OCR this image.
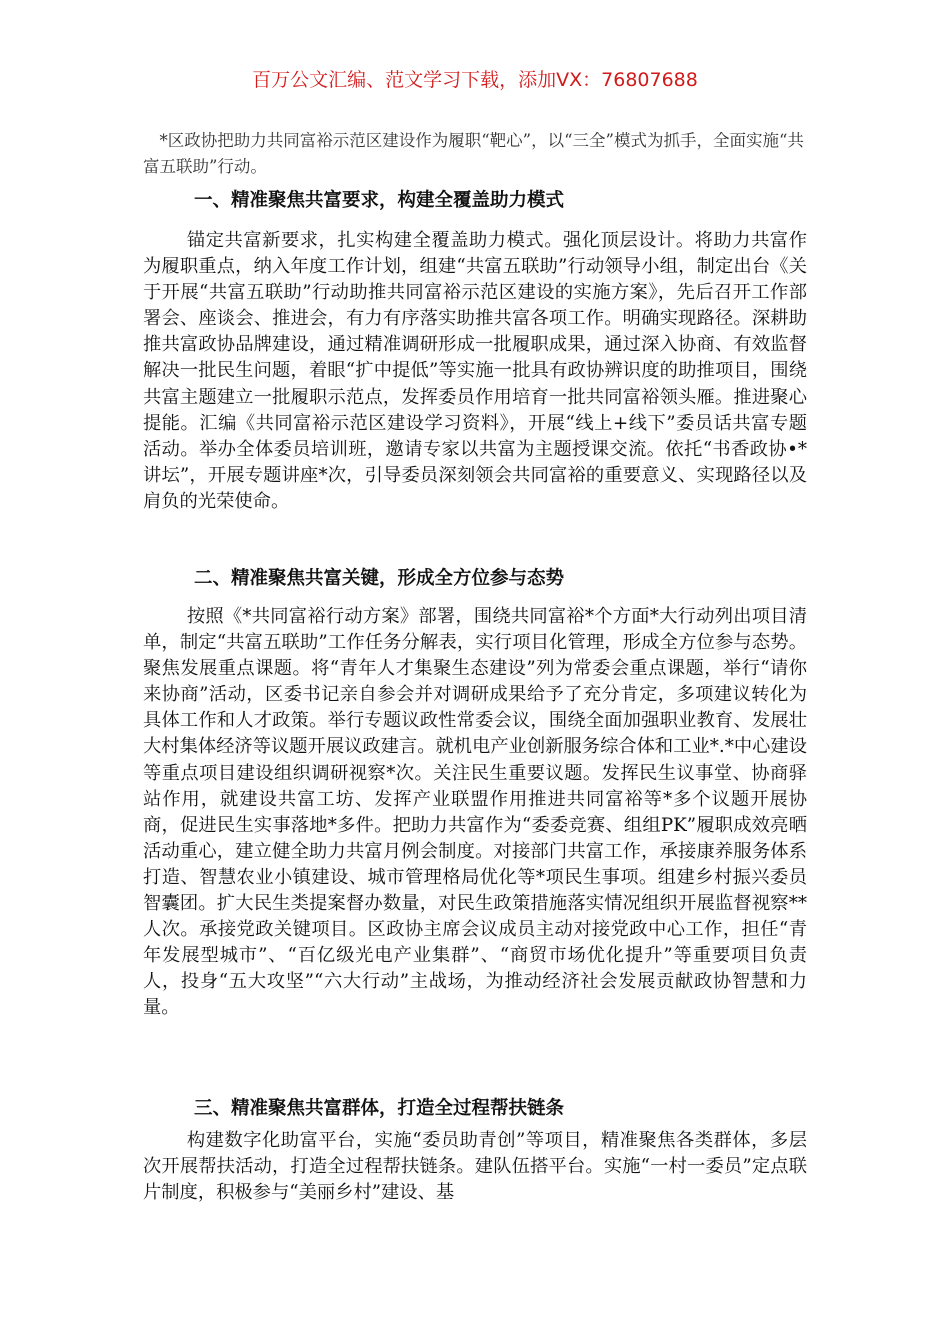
百万公文汇编、范文学习下载，添加VX：76807688
*区政协把助力共同富裕示范区建设作为履职“靶心”，以“三全”模式为抓手，全面实施“共富五联助”行动。
一、精准聚焦共富要求，构建全覆盖助力模式
锚定共富新要求，扎实构建全覆盖助力模式。强化顶层设计。将助力共富作为履职重点，纳入年度工作计划，组建“共富五联助”行动领导小组，制定出台《关于开展“共富五联助”行动助推共同富裕示范区建设的实施方案》，先后召开工作部署会、座谈会、推进会，有力有序落实助推共富各项工作。明确实现路径。深耕助推共富政协品牌建设，通过精准调研形成一批履职成果，通过深入协商、有效监督解决一批民生问题，着眼“扩中提低”等实施一批具有政协辨识度的助推项目，围绕共富主题建立一批履职示范点，发挥委员作用培育一批共同富裕领头雁。推进聚心提能。汇编《共同富裕示范区建设学习资料》，开展“线上+线下”委员话共富专题活动。举办全体委员培训班，邀请专家以共富为主题授课交流。依托“书香政协•*讲坛”，开展专题讲座*次，引导委员深刻领会共同富裕的重要意义、实现路径以及肩负的光荣使命。
二、精准聚焦共富关键，形成全方位参与态势
按照《*共同富裕行动方案》部署，围绕共同富裕*个方面*大行动列出项目清单，制定“共富五联助”工作任务分解表，实行项目化管理，形成全方位参与态势。聚焦发展重点课题。将“青年人才集聚生态建设”列为常委会重点课题，举行“请你来协商”活动，区委书记亲自参会并对调研成果给予了充分肯定，多项建议转化为具体工作和人才政策。举行专题议政性常委会议，围绕全面加强职业教育、发展壮大村集体经济等议题开展议政建言。就机电产业创新服务综合体和工业*.*中心建设等重点项目建设组织调研视察*次。关注民生重要议题。发挥民生议事堂、协商驿站作用，就建设共富工坊、发挥产业联盟作用推进共同富裕等*多个议题开展协商，促进民生实事落地*多件。把助力共富作为“委委竞赛、组组PK”履职成效亮晒活动重心，建立健全助力共富月例会制度。对接部门共富工作，承接康养服务体系打造、智慧农业小镇建设、城市管理格局优化等*项民生事项。组建乡村振兴委员智囊团。扩大民生类提案督办数量，对民生政策措施落实情况组织开展监督视察**人次。承接党政关键项目。区政协主席会议成员主动对接党政中心工作，担任“青年发展型城市”、“百亿级光电产业集群”、“商贸市场优化提升”等重要项目负责人，投身“五大攻坚”“六大行动”主战场，为推动经济社会发展贡献政协智慧和力量。
三、精准聚焦共富群体，打造全过程帮扶链条
构建数字化助富平台，实施“委员助青创”等项目，精准聚焦各类群体，多层次开展帮扶活动，打造全过程帮扶链条。建队伍搭平台。实施“一村一委员”定点联片制度，积极参与“美丽乡村”建设、基
